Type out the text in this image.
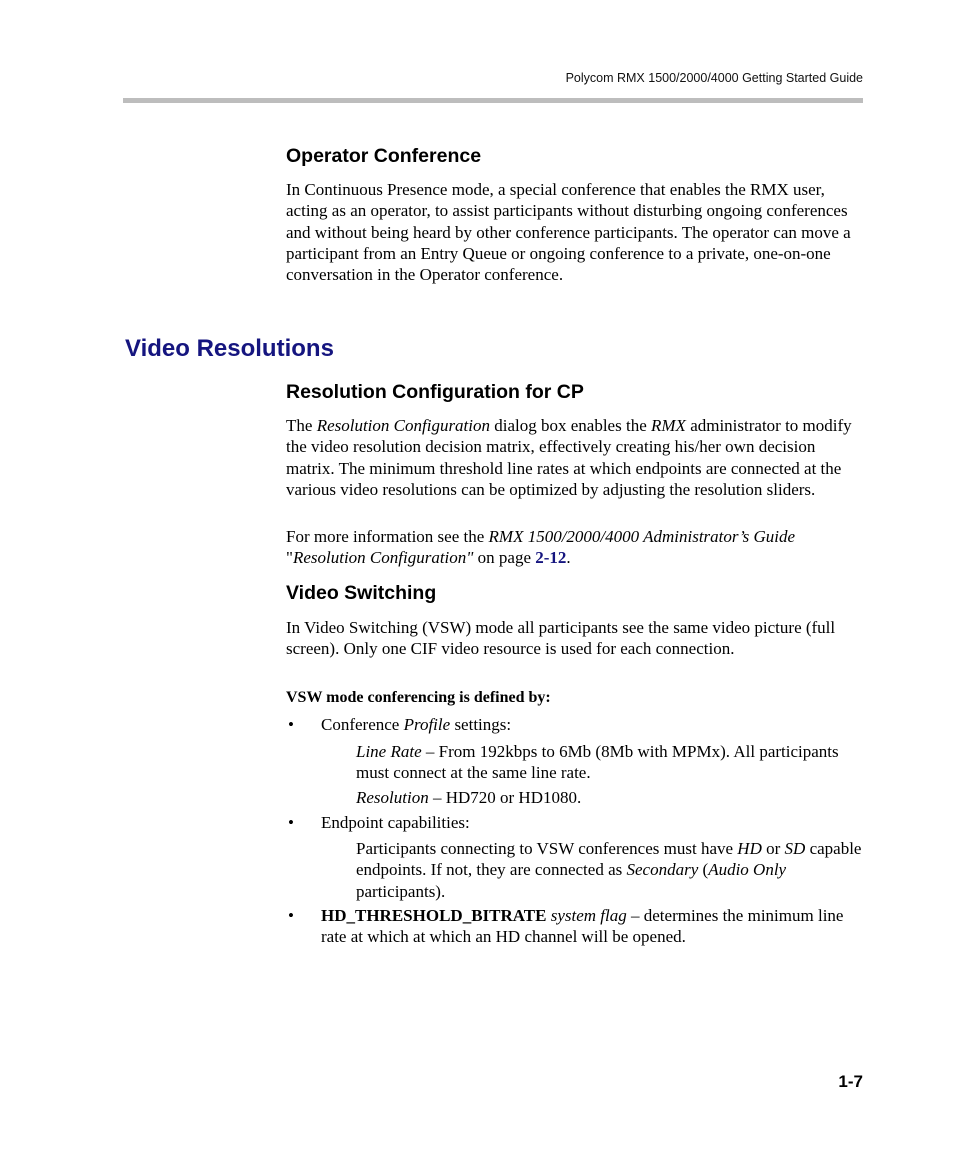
Polycom RMX 1500/2000/4000 Getting Started Guide
Operator Conference

In Continuous Presence mode, a special conference that enables the RMX user, acting as an operator, to assist participants without disturbing ongoing conferences and without being heard by other conference participants. The operator can move a participant from an Entry Queue or ongoing conference to a private, one-on-one conversation in the Operator conference.

Video Resolutions
Resolution Configuration for CP

The Resolution Configuration dialog box enables the RMX administrator to modify the video resolution decision matrix, effectively creating his/her own decision matrix. The minimum threshold line rates at which endpoints are connected at the various video resolutions can be optimized by adjusting the resolution sliders.

For more information see the RMX 1500/2000/4000 Administrator’s Guide "Resolution Configuration" on page 2-12.

Video Switching

In Video Switching (VSW) mode all participants see the same video picture (full screen). Only one CIF video resource is used for each connection.

VSW mode conferencing is defined by:

• Conference Profile settings:

Line Rate – From 192kbps to 6Mb (8Mb with MPMx). All participants must connect at the same line rate.

Resolution – HD720 or HD1080.

• Endpoint capabilities:

Participants connecting to VSW conferences must have HD or SD capable endpoints. If not, they are connected as Secondary (Audio Only participants).

• HD_THRESHOLD_BITRATE system flag – determines the minimum line rate at which at which an HD channel will be opened.

1-7
